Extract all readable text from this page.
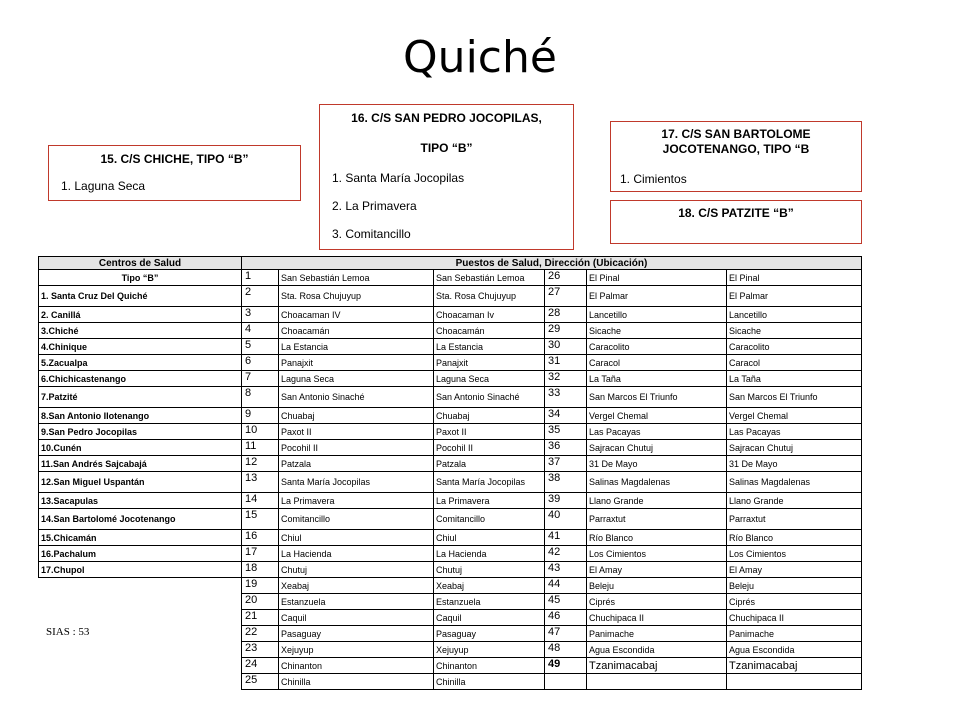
Quiché
15. C/S CHICHE, TIPO “B”
1. Laguna Seca
16. C/S SAN PEDRO JOCOPILAS,
TIPO “B”
1. Santa María Jocopilas
2. La Primavera
3. Comitancillo
17. C/S SAN BARTOLOME
JOCOTENANGO, TIPO “B
1. Cimientos
18. C/S PATZITE “B”
SIAS : 53
Centros de Salud	Puestos de Salud, Dirección (Ubicación)					
Tipo “B”	1	San Sebastián Lemoa	San Sebastián Lemoa	26	El Pinal	El Pinal
1. Santa Cruz Del Quiché	2	Sta. Rosa Chujuyup	Sta. Rosa Chujuyup	27	El Palmar	El Palmar
2. Canillá	3	Choacaman IV	Choacaman Iv	28	Lancetillo	Lancetillo
3.Chiché	4	Choacamán	Choacamán	29	Sicache	Sicache
4.Chinique	5	La Estancia	La Estancia	30	Caracolito	Caracolito
5.Zacualpa	6	Panajxit	Panajxit	31	Caracol	Caracol
6.Chichicastenango	7	Laguna Seca	Laguna Seca	32	La Taña	La Taña
7.Patzité	8	San Antonio Sinaché	San Antonio Sinaché	33	San Marcos El Triunfo	San Marcos El Triunfo
8.San Antonio Ilotenango	9	Chuabaj	Chuabaj	34	Vergel Chemal	Vergel Chemal
9.San Pedro Jocopilas	10	Paxot II	Paxot II	35	Las Pacayas	Las Pacayas
10.Cunén	11	Pocohil II	Pocohil II	36	Sajracan Chutuj	Sajracan Chutuj
11.San Andrés Sajcabajá	12	Patzala	Patzala	37	31 De Mayo	31 De Mayo
12.San Miguel Uspantán	13	Santa María Jocopilas	Santa María Jocopilas	38	Salinas Magdalenas	Salinas Magdalenas
13.Sacapulas	14	La Primavera	La Primavera	39	Llano Grande	Llano Grande
14.San Bartolomé Jocotenango	15	Comitancillo	Comitancillo	40	Parraxtut	Parraxtut
15.Chicamán	16	Chiul	Chiul	41	Río Blanco	Río Blanco
16.Pachalum	17	La Hacienda	La Hacienda	42	Los Cimientos	Los Cimientos
17.Chupol	18	Chutuj	Chutuj	43	El Amay	El Amay
	19	Xeabaj	Xeabaj	44	Beleju	Beleju
	20	Estanzuela	Estanzuela	45	Ciprés	Ciprés
	21	Caquil	Caquil	46	Chuchipaca II	Chuchipaca II
	22	Pasaguay	Pasaguay	47	Panimache	Panimache
	23	Xejuyup	Xejuyup	48	Agua Escondida	Agua Escondida
	24	Chinanton	Chinanton	49	Tzanimacabaj	Tzanimacabaj
	25	Chinilla	Chinilla			
